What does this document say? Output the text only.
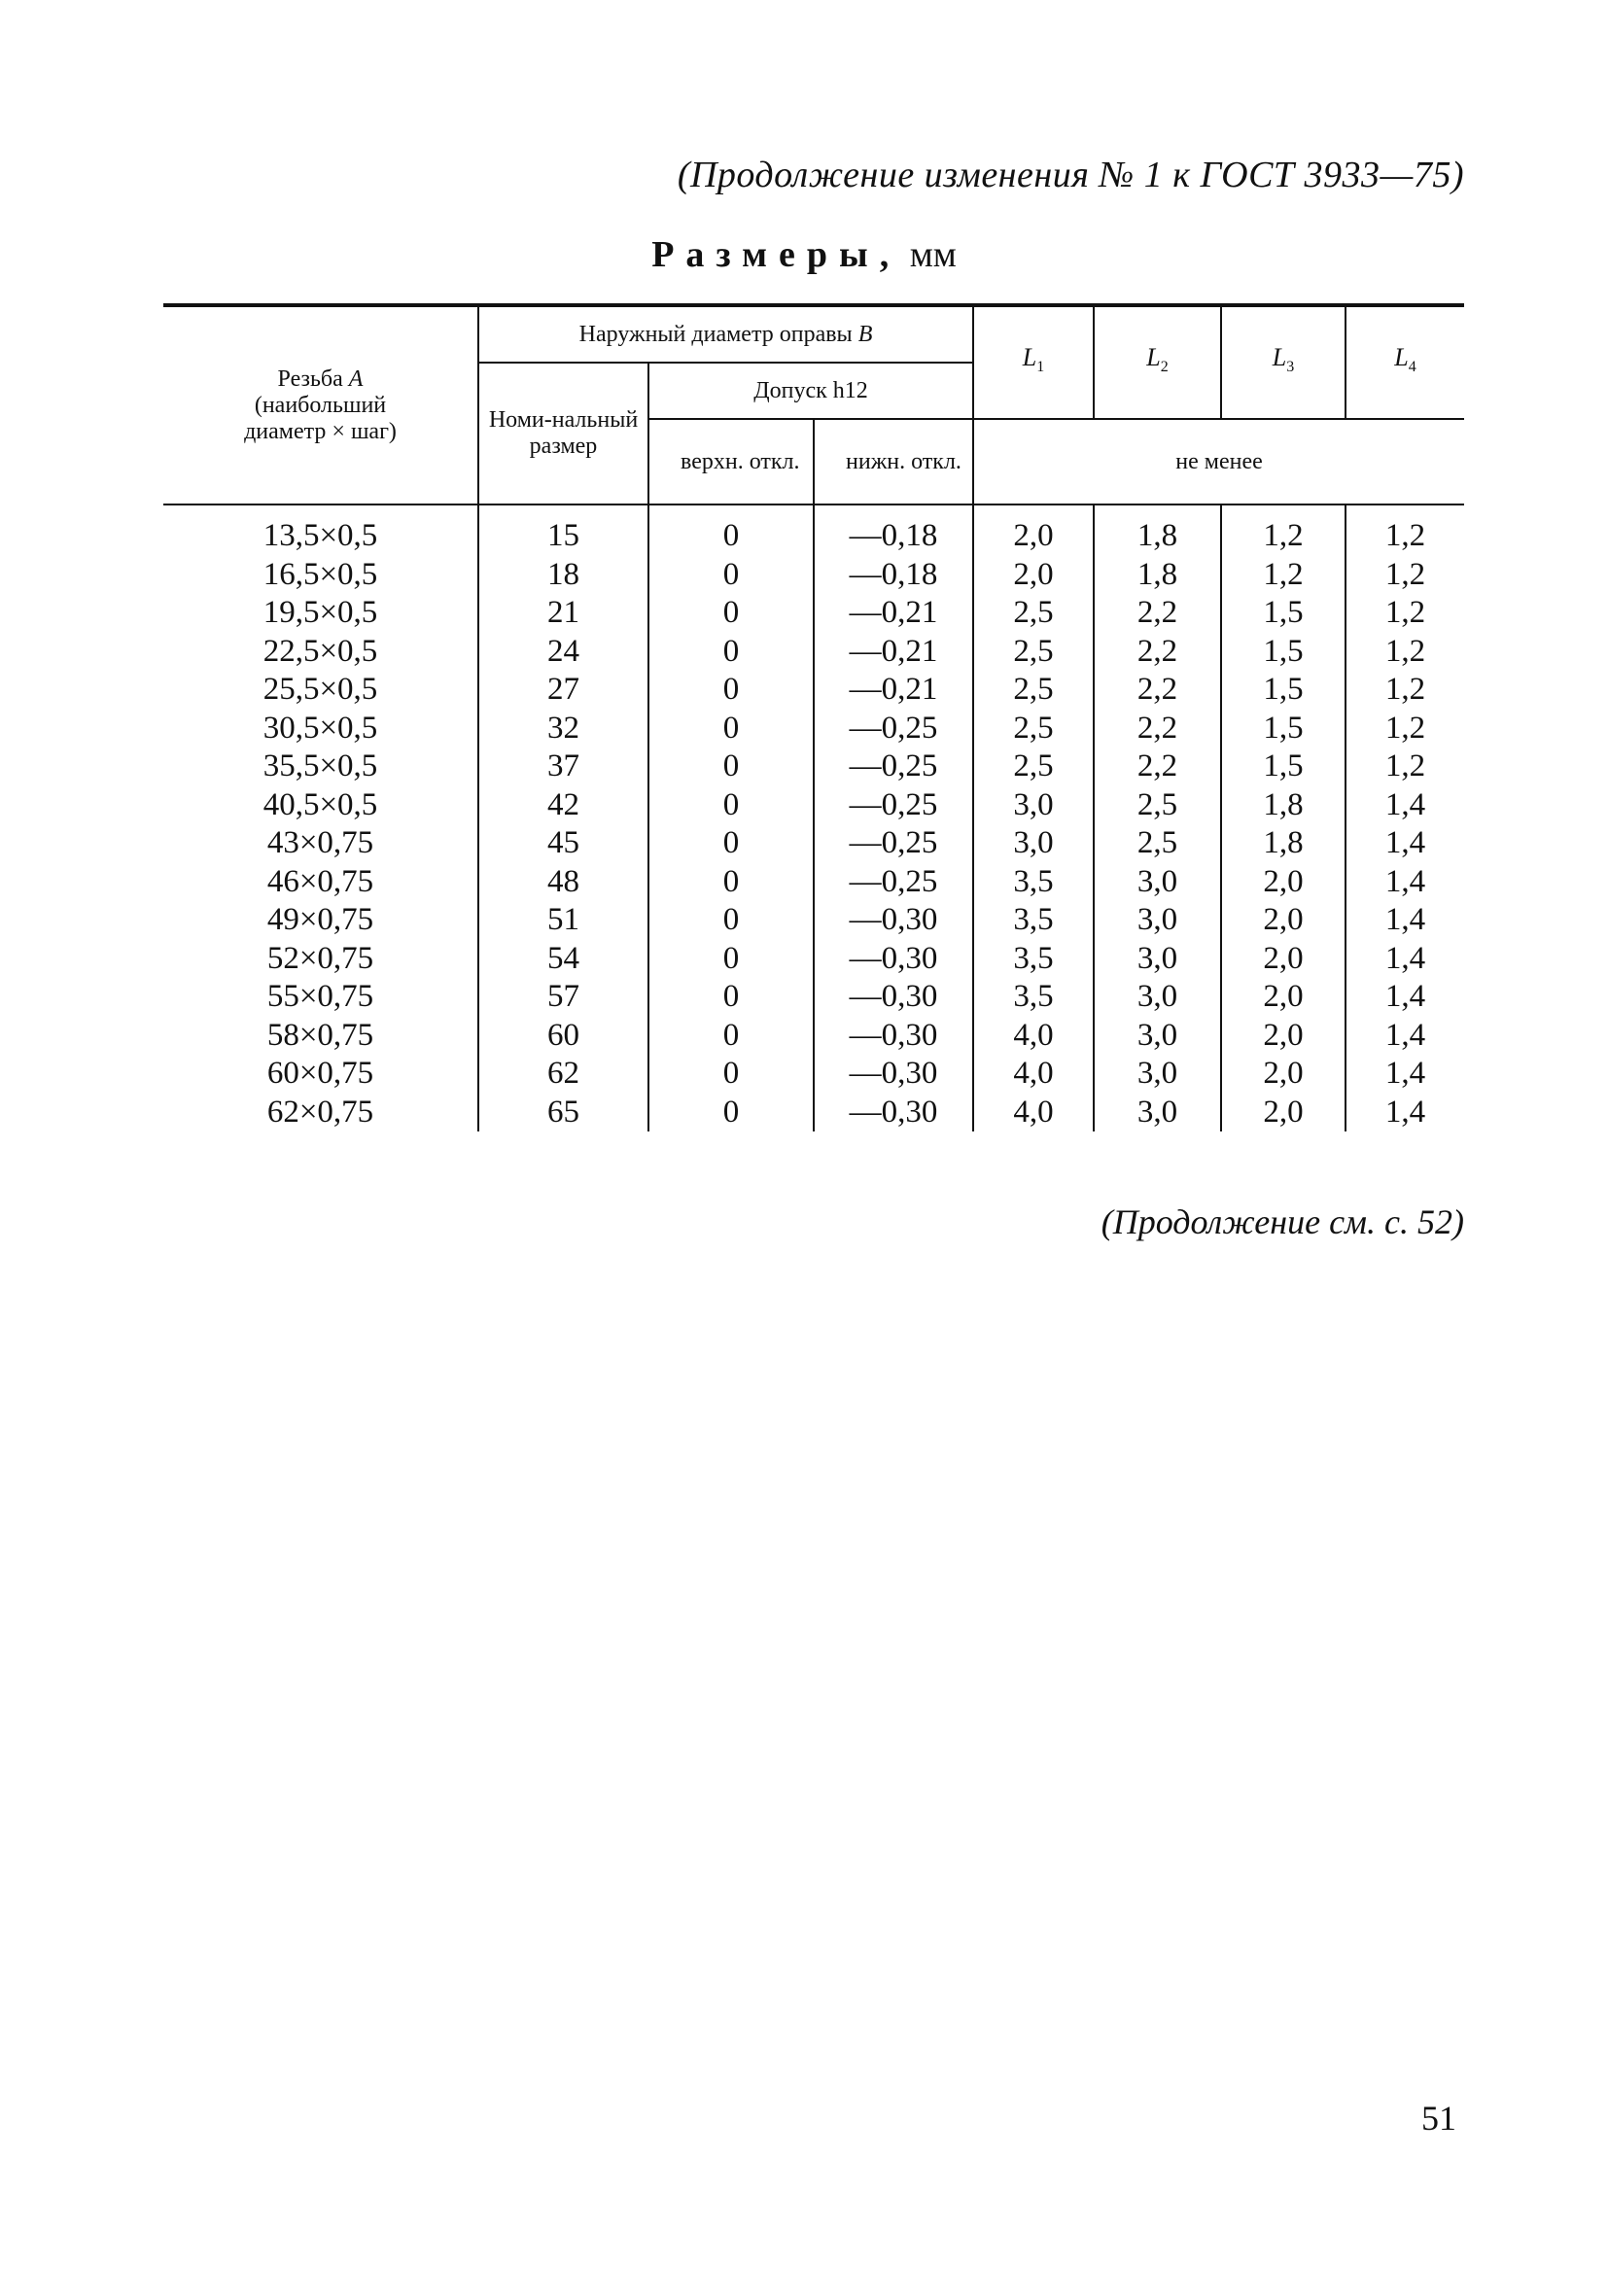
(Продолжение изменения № 1 к ГОСТ 3933—75)
Размеры, мм
Резьба A
(наибольший
диаметр × шаг)	Наружный диаметр оправы B			$L_1$	$L_2$	$L_3$	$L_4$
	Номи-нальный размер	Допуск h12					
		верхн. откл.	нижн. откл.	не менее			
13,5×0,5	15	0	—0,18	2,0	1,8	1,2	1,2
16,5×0,5	18	0	—0,18	2,0	1,8	1,2	1,2
19,5×0,5	21	0	—0,21	2,5	2,2	1,5	1,2
22,5×0,5	24	0	—0,21	2,5	2,2	1,5	1,2
25,5×0,5	27	0	—0,21	2,5	2,2	1,5	1,2
30,5×0,5	32	0	—0,25	2,5	2,2	1,5	1,2
35,5×0,5	37	0	—0,25	2,5	2,2	1,5	1,2
40,5×0,5	42	0	—0,25	3,0	2,5	1,8	1,4
43×0,75	45	0	—0,25	3,0	2,5	1,8	1,4
46×0,75	48	0	—0,25	3,5	3,0	2,0	1,4
49×0,75	51	0	—0,30	3,5	3,0	2,0	1,4
52×0,75	54	0	—0,30	3,5	3,0	2,0	1,4
55×0,75	57	0	—0,30	3,5	3,0	2,0	1,4
58×0,75	60	0	—0,30	4,0	3,0	2,0	1,4
60×0,75	62	0	—0,30	4,0	3,0	2,0	1,4
62×0,75	65	0	—0,30	4,0	3,0	2,0	1,4
(Продолжение см. с. 52)
51
